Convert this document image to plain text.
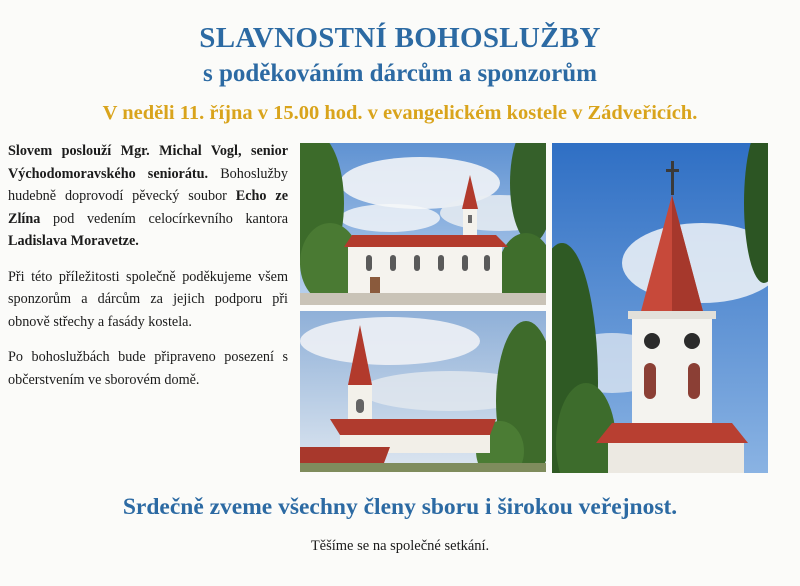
SLAVNOSTNÍ BOHOSLUŽBY
s poděkováním dárcům a sponzorům
V neděli 11. října v 15.00 hod. v evangelickém kostele v Zádveřicích.

Slovem poslouží Mgr. Michal Vogl, senior Východomoravského seniorátu. Bohoslužby hudebně doprovodí pěvecký soubor Echo ze Zlína pod vedením celocírkevního kantora Ladislava Moravetze.

Při této příležitosti společně poděkujeme všem sponzorům a dárcům za jejich podporu při obnově střechy a fasády kostela.

Po bohoslužbách bude připraveno posezení s občerstvením ve sborovém domě.

Srdečně zveme všechny členy sboru i širokou veřejnost.
Těšíme se na společné setkání.
